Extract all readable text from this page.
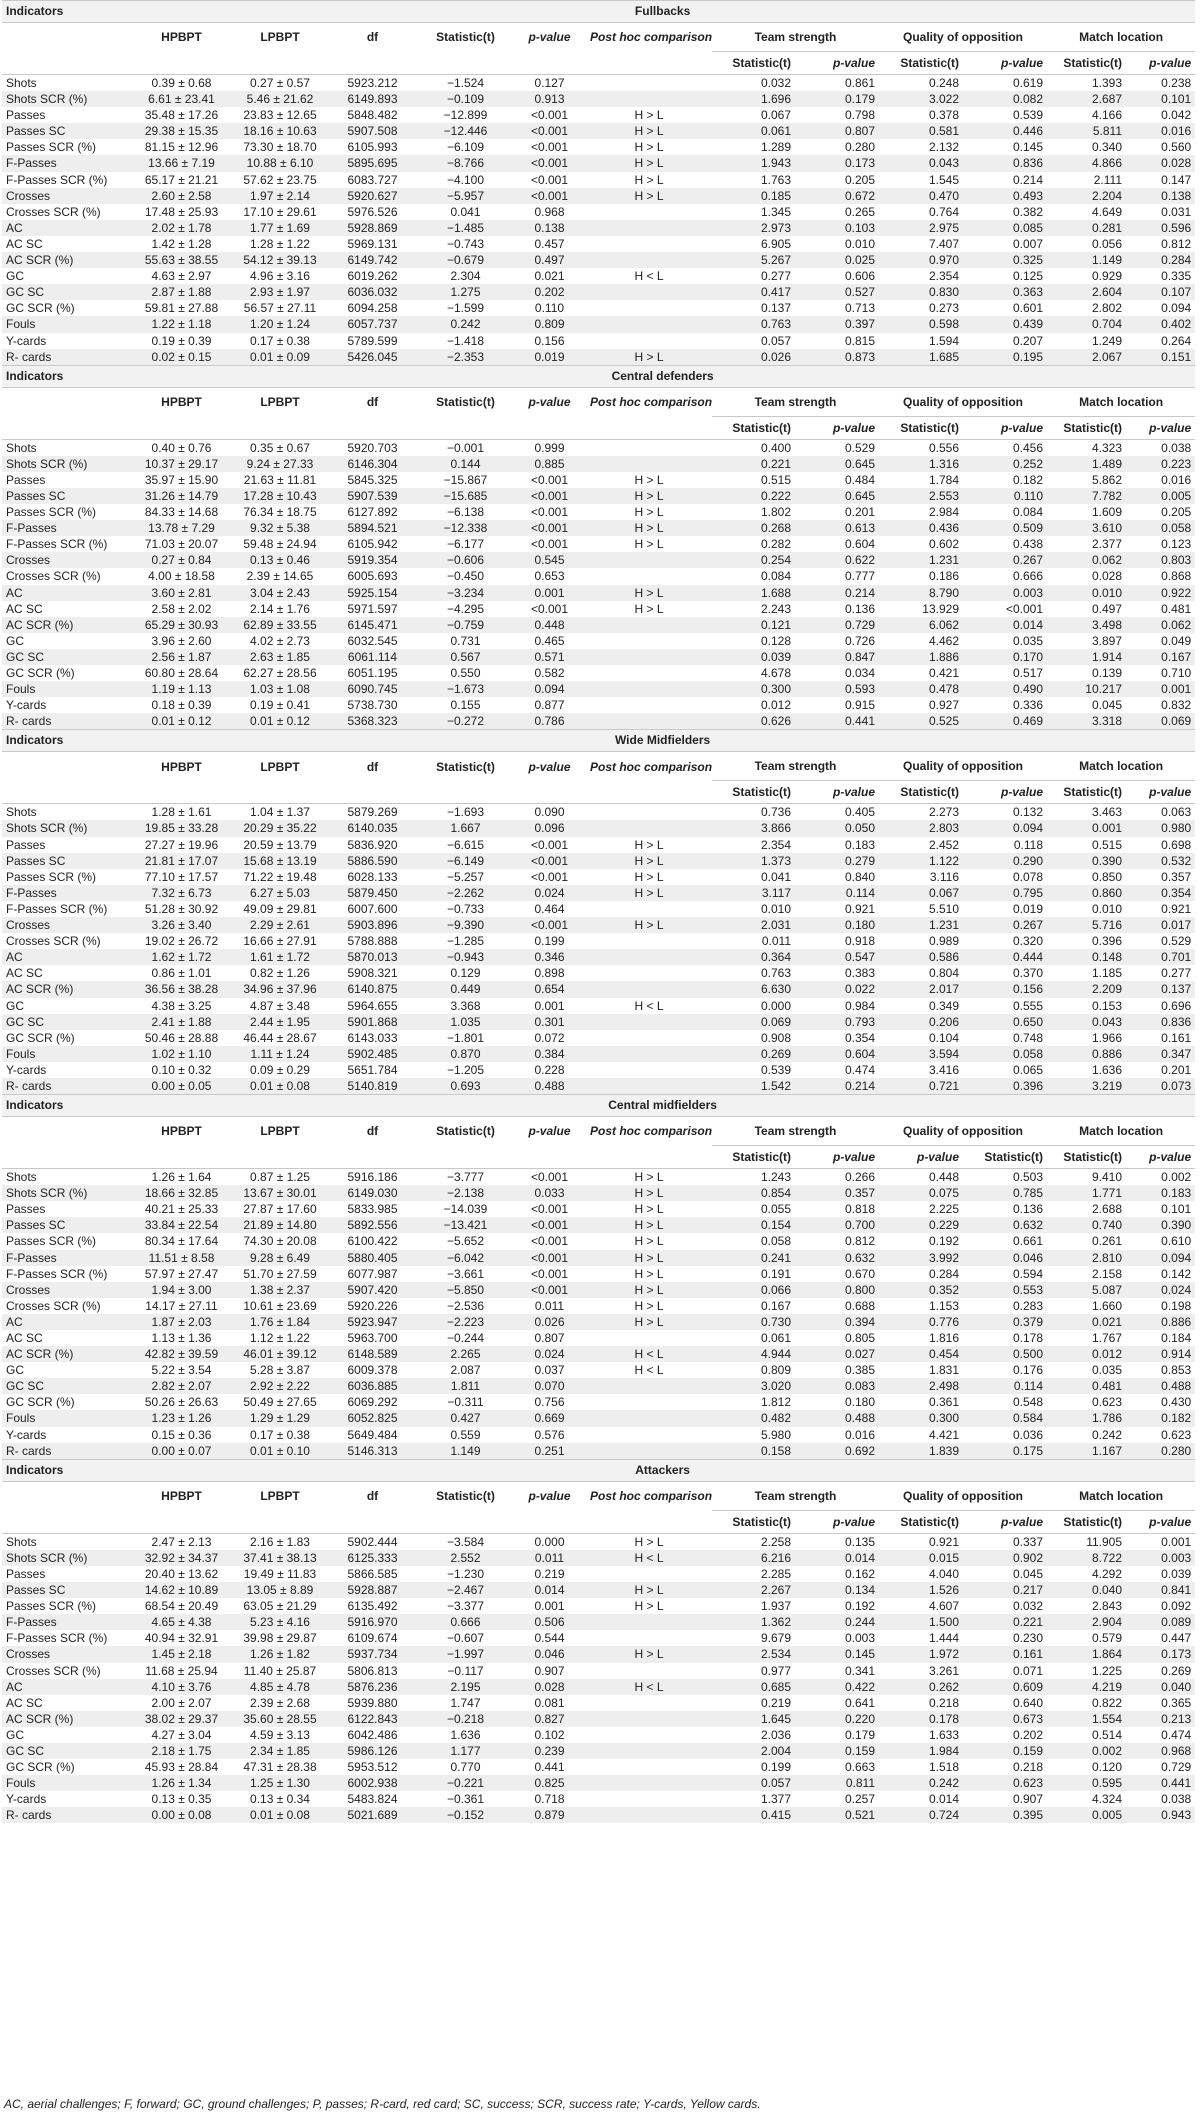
Indicators	Fullbacks											
	HPBPT	LPBPT	df	Statistic(t)	p-value	Post hoc comparison	Team strength		Quality of opposition		Match location	
							Statistic(t)	p-value	Statistic(t)	p-value	Statistic(t)	p-value
Shots	0.39 ± 0.68	0.27 ± 0.57	5923.212	−1.524	0.127		0.032	0.861	0.248	0.619	1.393	0.238
Shots SCR (%)	6.61 ± 23.41	5.46 ± 21.62	6149.893	−0.109	0.913		1.696	0.179	3.022	0.082	2.687	0.101
Passes	35.48 ± 17.26	23.83 ± 12.65	5848.482	−12.899	<0.001	H > L	0.067	0.798	0.378	0.539	4.166	0.042
Passes SC	29.38 ± 15.35	18.16 ± 10.63	5907.508	−12.446	<0.001	H > L	0.061	0.807	0.581	0.446	5.811	0.016
Passes SCR (%)	81.15 ± 12.96	73.30 ± 18.70	6105.993	−6.109	<0.001	H > L	1.289	0.280	2.132	0.145	0.340	0.560
F-Passes	13.66 ± 7.19	10.88 ± 6.10	5895.695	−8.766	<0.001	H > L	1.943	0.173	0.043	0.836	4.866	0.028
F-Passes SCR (%)	65.17 ± 21.21	57.62 ± 23.75	6083.727	−4.100	<0.001	H > L	1.763	0.205	1.545	0.214	2.111	0.147
Crosses	2.60 ± 2.58	1.97 ± 2.14	5920.627	−5.957	<0.001	H > L	0.185	0.672	0.470	0.493	2.204	0.138
Crosses SCR (%)	17.48 ± 25.93	17.10 ± 29.61	5976.526	0.041	0.968		1.345	0.265	0.764	0.382	4.649	0.031
AC	2.02 ± 1.78	1.77 ± 1.69	5928.869	−1.485	0.138		2.973	0.103	2.975	0.085	0.281	0.596
AC SC	1.42 ± 1.28	1.28 ± 1.22	5969.131	−0.743	0.457		6.905	0.010	7.407	0.007	0.056	0.812
AC SCR (%)	55.63 ± 38.55	54.12 ± 39.13	6149.742	−0.679	0.497		5.267	0.025	0.970	0.325	1.149	0.284
GC	4.63 ± 2.97	4.96 ± 3.16	6019.262	2.304	0.021	H < L	0.277	0.606	2.354	0.125	0.929	0.335
GC SC	2.87 ± 1.88	2.93 ± 1.97	6036.032	1.275	0.202		0.417	0.527	0.830	0.363	2.604	0.107
GC SCR (%)	59.81 ± 27.88	56.57 ± 27.11	6094.258	−1.599	0.110		0.137	0.713	0.273	0.601	2.802	0.094
Fouls	1.22 ± 1.18	1.20 ± 1.24	6057.737	0.242	0.809		0.763	0.397	0.598	0.439	0.704	0.402
Y-cards	0.19 ± 0.39	0.17 ± 0.38	5789.599	−1.418	0.156		0.057	0.815	1.594	0.207	1.249	0.264
R- cards	0.02 ± 0.15	0.01 ± 0.09	5426.045	−2.353	0.019	H > L	0.026	0.873	1.685	0.195	2.067	0.151
Indicators	Central defenders											
	HPBPT	LPBPT	df	Statistic(t)	p-value	Post hoc comparison	Team strength		Quality of opposition		Match location	
							Statistic(t)	p-value	Statistic(t)	p-value	Statistic(t)	p-value
Shots	0.40 ± 0.76	0.35 ± 0.67	5920.703	−0.001	0.999		0.400	0.529	0.556	0.456	4.323	0.038
Shots SCR (%)	10.37 ± 29.17	9.24 ± 27.33	6146.304	0.144	0.885		0.221	0.645	1.316	0.252	1.489	0.223
Passes	35.97 ± 15.90	21.63 ± 11.81	5845.325	−15.867	<0.001	H > L	0.515	0.484	1.784	0.182	5.862	0.016
Passes SC	31.26 ± 14.79	17.28 ± 10.43	5907.539	−15.685	<0.001	H > L	0.222	0.645	2.553	0.110	7.782	0.005
Passes SCR (%)	84.33 ± 14.68	76.34 ± 18.75	6127.892	−6.138	<0.001	H > L	1.802	0.201	2.984	0.084	1.609	0.205
F-Passes	13.78 ± 7.29	9.32 ± 5.38	5894.521	−12.338	<0.001	H > L	0.268	0.613	0.436	0.509	3.610	0.058
F-Passes SCR (%)	71.03 ± 20.07	59.48 ± 24.94	6105.942	−6.177	<0.001	H > L	0.282	0.604	0.602	0.438	2.377	0.123
Crosses	0.27 ± 0.84	0.13 ± 0.46	5919.354	−0.606	0.545		0.254	0.622	1.231	0.267	0.062	0.803
Crosses SCR (%)	4.00 ± 18.58	2.39 ± 14.65	6005.693	−0.450	0.653		0.084	0.777	0.186	0.666	0.028	0.868
AC	3.60 ± 2.81	3.04 ± 2.43	5925.154	−3.234	0.001	H > L	1.688	0.214	8.790	0.003	0.010	0.922
AC SC	2.58 ± 2.02	2.14 ± 1.76	5971.597	−4.295	<0.001	H > L	2.243	0.136	13.929	<0.001	0.497	0.481
AC SCR (%)	65.29 ± 30.93	62.89 ± 33.55	6145.471	−0.759	0.448		0.121	0.729	6.062	0.014	3.498	0.062
GC	3.96 ± 2.60	4.02 ± 2.73	6032.545	0.731	0.465		0.128	0.726	4.462	0.035	3.897	0.049
GC SC	2.56 ± 1.87	2.63 ± 1.85	6061.114	0.567	0.571		0.039	0.847	1.886	0.170	1.914	0.167
GC SCR (%)	60.80 ± 28.64	62.27 ± 28.56	6051.195	0.550	0.582		4.678	0.034	0.421	0.517	0.139	0.710
Fouls	1.19 ± 1.13	1.03 ± 1.08	6090.745	−1.673	0.094		0.300	0.593	0.478	0.490	10.217	0.001
Y-cards	0.18 ± 0.39	0.19 ± 0.41	5738.730	0.155	0.877		0.012	0.915	0.927	0.336	0.045	0.832
R- cards	0.01 ± 0.12	0.01 ± 0.12	5368.323	−0.272	0.786		0.626	0.441	0.525	0.469	3.318	0.069
Indicators	Wide Midfielders											
	HPBPT	LPBPT	df	Statistic(t)	p-value	Post hoc comparison	Team strength		Quality of opposition		Match location	
							Statistic(t)	p-value	Statistic(t)	p-value	Statistic(t)	p-value
Shots	1.28 ± 1.61	1.04 ± 1.37	5879.269	−1.693	0.090		0.736	0.405	2.273	0.132	3.463	0.063
Shots SCR (%)	19.85 ± 33.28	20.29 ± 35.22	6140.035	1.667	0.096		3.866	0.050	2.803	0.094	0.001	0.980
Passes	27.27 ± 19.96	20.59 ± 13.79	5836.920	−6.615	<0.001	H > L	2.354	0.183	2.452	0.118	0.515	0.698
Passes SC	21.81 ± 17.07	15.68 ± 13.19	5886.590	−6.149	<0.001	H > L	1.373	0.279	1.122	0.290	0.390	0.532
Passes SCR (%)	77.10 ± 17.57	71.22 ± 19.48	6028.133	−5.257	<0.001	H > L	0.041	0.840	3.116	0.078	0.850	0.357
F-Passes	7.32 ± 6.73	6.27 ± 5.03	5879.450	−2.262	0.024	H > L	3.117	0.114	0.067	0.795	0.860	0.354
F-Passes SCR (%)	51.28 ± 30.92	49.09 ± 29.81	6007.600	−0.733	0.464		0.010	0.921	5.510	0.019	0.010	0.921
Crosses	3.26 ± 3.40	2.29 ± 2.61	5903.896	−9.390	<0.001	H > L	2.031	0.180	1.231	0.267	5.716	0.017
Crosses SCR (%)	19.02 ± 26.72	16.66 ± 27.91	5788.888	−1.285	0.199		0.011	0.918	0.989	0.320	0.396	0.529
AC	1.62 ± 1.72	1.61 ± 1.72	5870.013	−0.943	0.346		0.364	0.547	0.586	0.444	0.148	0.701
AC SC	0.86 ± 1.01	0.82 ± 1.26	5908.321	0.129	0.898		0.763	0.383	0.804	0.370	1.185	0.277
AC SCR (%)	36.56 ± 38.28	34.96 ± 37.96	6140.875	0.449	0.654		6.630	0.022	2.017	0.156	2.209	0.137
GC	4.38 ± 3.25	4.87 ± 3.48	5964.655	3.368	0.001	H < L	0.000	0.984	0.349	0.555	0.153	0.696
GC SC	2.41 ± 1.88	2.44 ± 1.95	5901.868	1.035	0.301		0.069	0.793	0.206	0.650	0.043	0.836
GC SCR (%)	50.46 ± 28.88	46.44 ± 28.67	6143.033	−1.801	0.072		0.908	0.354	0.104	0.748	1.966	0.161
Fouls	1.02 ± 1.10	1.11 ± 1.24	5902.485	0.870	0.384		0.269	0.604	3.594	0.058	0.886	0.347
Y-cards	0.10 ± 0.32	0.09 ± 0.29	5651.784	−1.205	0.228		0.539	0.474	3.416	0.065	1.636	0.201
R- cards	0.00 ± 0.05	0.01 ± 0.08	5140.819	0.693	0.488		1.542	0.214	0.721	0.396	3.219	0.073
Indicators	Central midfielders											
	HPBPT	LPBPT	df	Statistic(t)	p-value	Post hoc comparison	Team strength		Quality of opposition		Match location	
							Statistic(t)	p-value	p-value	Statistic(t)	Statistic(t)	p-value
Shots	1.26 ± 1.64	0.87 ± 1.25	5916.186	−3.777	<0.001	H > L	1.243	0.266	0.448	0.503	9.410	0.002
Shots SCR (%)	18.66 ± 32.85	13.67 ± 30.01	6149.030	−2.138	0.033	H > L	0.854	0.357	0.075	0.785	1.771	0.183
Passes	40.21 ± 25.33	27.87 ± 17.60	5833.985	−14.039	<0.001	H > L	0.055	0.818	2.225	0.136	2.688	0.101
Passes SC	33.84 ± 22.54	21.89 ± 14.80	5892.556	−13.421	<0.001	H > L	0.154	0.700	0.229	0.632	0.740	0.390
Passes SCR (%)	80.34 ± 17.64	74.30 ± 20.08	6100.422	−5.652	<0.001	H > L	0.058	0.812	0.192	0.661	0.261	0.610
F-Passes	11.51 ± 8.58	9.28 ± 6.49	5880.405	−6.042	<0.001	H > L	0.241	0.632	3.992	0.046	2.810	0.094
F-Passes SCR (%)	57.97 ± 27.47	51.70 ± 27.59	6077.987	−3.661	<0.001	H > L	0.191	0.670	0.284	0.594	2.158	0.142
Crosses	1.94 ± 3.00	1.38 ± 2.37	5907.420	−5.850	<0.001	H > L	0.066	0.800	0.352	0.553	5.087	0.024
Crosses SCR (%)	14.17 ± 27.11	10.61 ± 23.69	5920.226	−2.536	0.011	H > L	0.167	0.688	1.153	0.283	1.660	0.198
AC	1.87 ± 2.03	1.76 ± 1.84	5923.947	−2.223	0.026	H > L	0.730	0.394	0.776	0.379	0.021	0.886
AC SC	1.13 ± 1.36	1.12 ± 1.22	5963.700	−0.244	0.807		0.061	0.805	1.816	0.178	1.767	0.184
AC SCR (%)	42.82 ± 39.59	46.01 ± 39.12	6148.589	2.265	0.024	H < L	4.944	0.027	0.454	0.500	0.012	0.914
GC	5.22 ± 3.54	5.28 ± 3.87	6009.378	2.087	0.037	H < L	0.809	0.385	1.831	0.176	0.035	0.853
GC SC	2.82 ± 2.07	2.92 ± 2.22	6036.885	1.811	0.070		3.020	0.083	2.498	0.114	0.481	0.488
GC SCR (%)	50.26 ± 26.63	50.49 ± 27.65	6069.292	−0.311	0.756		1.812	0.180	0.361	0.548	0.623	0.430
Fouls	1.23 ± 1.26	1.29 ± 1.29	6052.825	0.427	0.669		0.482	0.488	0.300	0.584	1.786	0.182
Y-cards	0.15 ± 0.36	0.17 ± 0.38	5649.484	0.559	0.576		5.980	0.016	4.421	0.036	0.242	0.623
R- cards	0.00 ± 0.07	0.01 ± 0.10	5146.313	1.149	0.251		0.158	0.692	1.839	0.175	1.167	0.280
Indicators	Attackers											
	HPBPT	LPBPT	df	Statistic(t)	p-value	Post hoc comparison	Team strength		Quality of opposition		Match location	
							Statistic(t)	p-value	Statistic(t)	p-value	Statistic(t)	p-value
Shots	2.47 ± 2.13	2.16 ± 1.83	5902.444	−3.584	0.000	H > L	2.258	0.135	0.921	0.337	11.905	0.001
Shots SCR (%)	32.92 ± 34.37	37.41 ± 38.13	6125.333	2.552	0.011	H < L	6.216	0.014	0.015	0.902	8.722	0.003
Passes	20.40 ± 13.62	19.49 ± 11.83	5866.585	−1.230	0.219		2.285	0.162	4.040	0.045	4.292	0.039
Passes SC	14.62 ± 10.89	13.05 ± 8.89	5928.887	−2.467	0.014	H > L	2.267	0.134	1.526	0.217	0.040	0.841
Passes SCR (%)	68.54 ± 20.49	63.05 ± 21.29	6135.492	−3.377	0.001	H > L	1.937	0.192	4.607	0.032	2.843	0.092
F-Passes	4.65 ± 4.38	5.23 ± 4.16	5916.970	0.666	0.506		1.362	0.244	1.500	0.221	2.904	0.089
F-Passes SCR (%)	40.94 ± 32.91	39.98 ± 29.87	6109.674	−0.607	0.544		9.679	0.003	1.444	0.230	0.579	0.447
Crosses	1.45 ± 2.18	1.26 ± 1.82	5937.734	−1.997	0.046	H > L	2.534	0.145	1.972	0.161	1.864	0.173
Crosses SCR (%)	11.68 ± 25.94	11.40 ± 25.87	5806.813	−0.117	0.907		0.977	0.341	3.261	0.071	1.225	0.269
AC	4.10 ± 3.76	4.85 ± 4.78	5876.236	2.195	0.028	H < L	0.685	0.422	0.262	0.609	4.219	0.040
AC SC	2.00 ± 2.07	2.39 ± 2.68	5939.880	1.747	0.081		0.219	0.641	0.218	0.640	0.822	0.365
AC SCR (%)	38.02 ± 29.37	35.60 ± 28.55	6122.843	−0.218	0.827		1.645	0.220	0.178	0.673	1.554	0.213
GC	4.27 ± 3.04	4.59 ± 3.13	6042.486	1.636	0.102		2.036	0.179	1.633	0.202	0.514	0.474
GC SC	2.18 ± 1.75	2.34 ± 1.85	5986.126	1.177	0.239		2.004	0.159	1.984	0.159	0.002	0.968
GC SCR (%)	45.93 ± 28.84	47.31 ± 28.38	5953.512	0.770	0.441		0.199	0.663	1.518	0.218	0.120	0.729
Fouls	1.26 ± 1.34	1.25 ± 1.30	6002.938	−0.221	0.825		0.057	0.811	0.242	0.623	0.595	0.441
Y-cards	0.13 ± 0.35	0.13 ± 0.34	5483.824	−0.361	0.718		1.377	0.257	0.014	0.907	4.324	0.038
R- cards	0.00 ± 0.08	0.01 ± 0.08	5021.689	−0.152	0.879		0.415	0.521	0.724	0.395	0.005	0.943
AC, aerial challenges; F, forward; GC, ground challenges; P, passes; R-card, red card; SC, success; SCR, success rate; Y-cards, Yellow cards.
